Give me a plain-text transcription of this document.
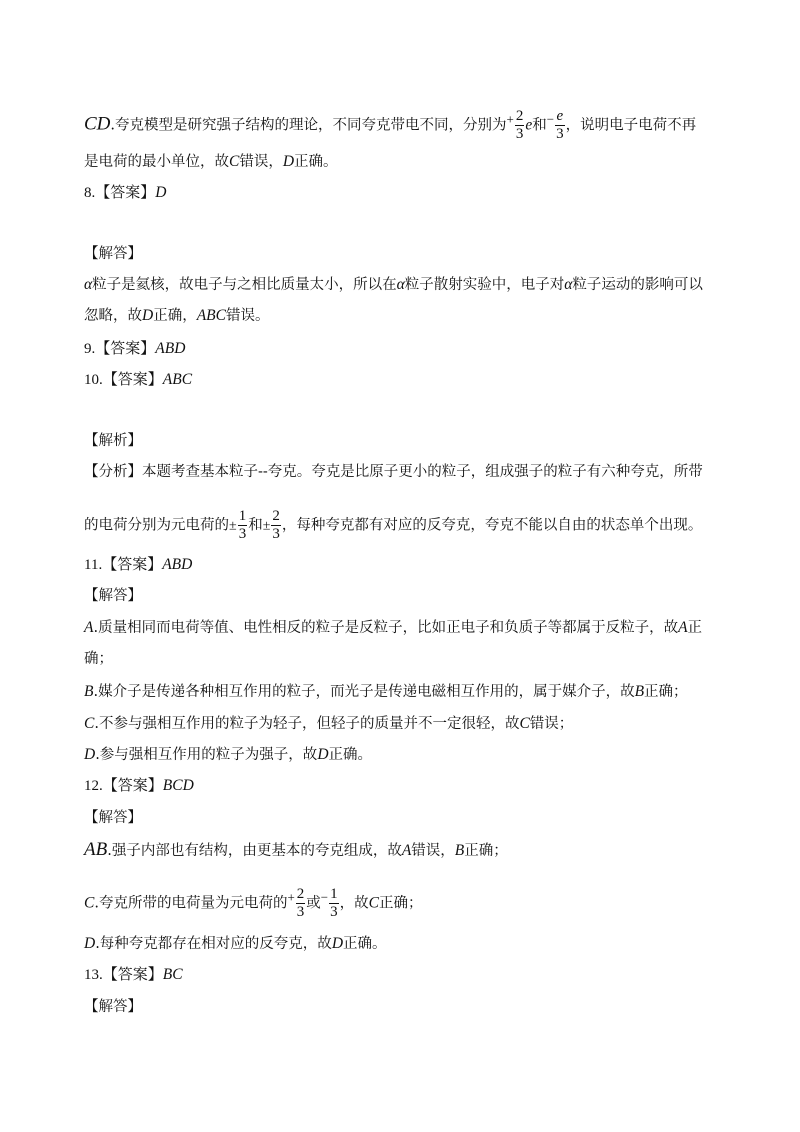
CD.夸克模型是研究强子结构的理论，不同夸克带电不同，分别为+ $\frac{2}{3}$ e和− $\frac{e}{3}$ ，说明电子电荷不再
是电荷的最小单位，故C错误，D正确。
8.【答案】D
【解答】
α粒子是氦核，故电子与之相比质量太小，所以在α粒子散射实验中，电子对α粒子运动的影响可以
忽略，故D正确，ABC错误。
9.【答案】ABD
10.【答案】ABC
【解析】
【分析】本题考查基本粒子--夸克。夸克是比原子更小的粒子，组成强子的粒子有六种夸克，所带
的电荷分别为元电荷的± $\frac{1}{3}$ 和± $\frac{2}{3}$ ，每种夸克都有对应的反夸克，夸克不能以自由的状态单个出现。
11.【答案】ABD
【解答】
A.质量相同而电荷等值、电性相反的粒子是反粒子，比如正电子和负质子等都属于反粒子，故A正
确；
B.媒介子是传递各种相互作用的粒子，而光子是传递电磁相互作用的，属于媒介子，故B正确；
C.不参与强相互作用的粒子为轻子，但轻子的质量并不一定很轻，故C错误；
D.参与强相互作用的粒子为强子，故D正确。
12.【答案】BCD
【解答】
AB.强子内部也有结构，由更基本的夸克组成，故A错误，B正确；
C.夸克所带的电荷量为元电荷的+ $\frac{2}{3}$ 或− $\frac{1}{3}$ ，故C正确；
D.每种夸克都存在相对应的反夸克，故D正确。
13.【答案】BC
【解答】
